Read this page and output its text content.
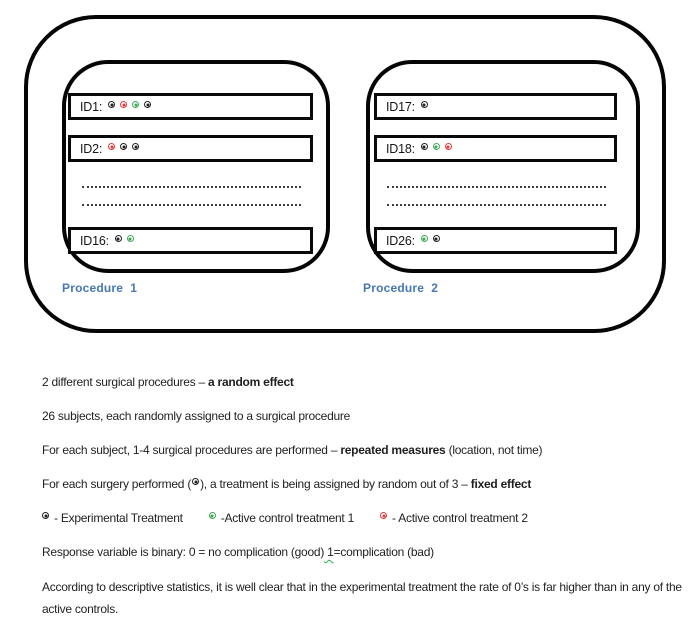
ID1:
ID2:
ID16:
ID17:
ID18:
ID26:
Procedure  1	Procedure  2

2 different surgical procedures – a random effect

26 subjects, each randomly assigned to a surgical procedure

For each subject, 1-4 surgical procedures are performed – repeated measures (location, not time)

For each surgery performed ( ), a treatment is being assigned by random out of 3 – fixed effect

- Experimental Treatment	-Active control treatment 1	- Active control treatment 2

Response variable is binary: 0 = no complication (good) 1=complication (bad)

According to descriptive statistics, it is well clear that in the experimental treatment the rate of 0’s is far higher than in any of the active controls.
